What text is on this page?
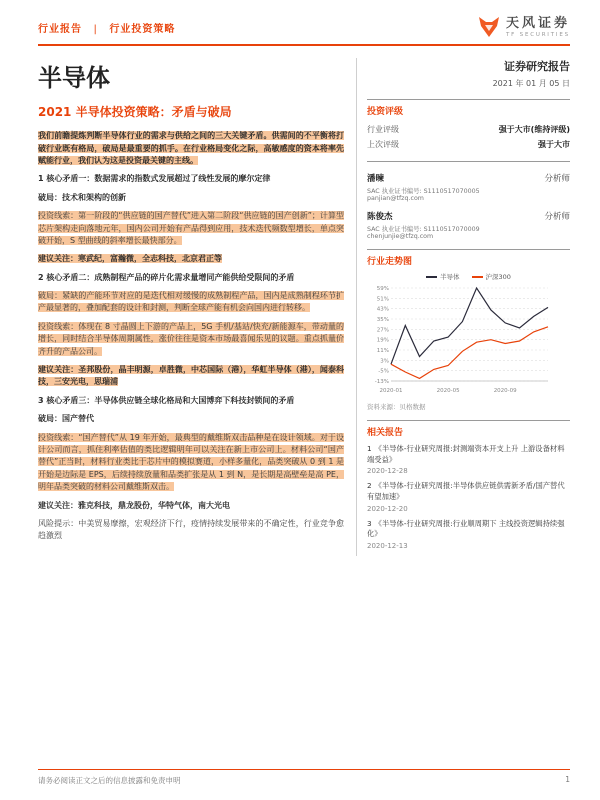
行业报告 | 行业投资策略	天风证券
TF SECURITIES
半导体
2021 半导体投资策略：矛盾与破局

我们前瞻提炼判断半导体行业的需求与供给之间的三大关键矛盾。供需间的不平衡将打破行业既有格局，破局是最重要的抓手。在行业格局变化之际，高敏感度的资本将率先赋能行业，我们认为这是投资最关键的主线。

1 核心矛盾一：数据需求的指数式发展超过了线性发展的摩尔定律

破局：技术和架构的创新

投资线索：第一阶段的“供应链的国产替代”进入第二阶段“供应链的国产创新”；计算型芯片架构走向落地元年，国内公司开始有产品得到应用，技术迭代频数型增长，单点突破开始，S 型曲线的斜率增长最快部分。

建议关注：寒武纪，富瀚微，全志科技，北京君正等

2 核心矛盾二：成熟制程产品的碎片化需求量增同产能供给受限间的矛盾

破局：紧缺的产能环节对应的是迭代相对缓慢的成熟制程产品，国内是成熟制程环节扩产最显著的，叠加配套的设计和封测，判断全球产能有机会向国内进行转移。

投资线索：体现在 8 寸晶圆上下游的产品上，5G 手机/基站/快充/新能源车，带动量的增长，同时结合半导体周期属性，涨价往往是资本市场最喜闻乐见的议题。重点抓量价齐升的产品公司。

建议关注：圣邦股份，晶丰明源，卓胜微，中芯国际（港），华虹半导体（港），闻泰科技，三安光电，思瑞浦

3 核心矛盾三：半导体供应链全球化格局和大国博弈下科技封锁间的矛盾

破局：国产替代

投资线索：“国产替代”从 19 年开始，最典型的戴维斯双击品种是在设计领域。对于设计公司而言，抓住利率估值的类比逻辑明年可以关注在新上市公司上。材料公司“国产替代”正当时，材料行业类比于芯片中的模拟赛道，小样多量化，品类突破从 0 到 1 是开始是边际是 EPS，后续持续放量和品类扩张是从 1 到 N，是长期是高壁垒是高 PE，明年品类突破的材料公司戴维斯双击。

建议关注：雅克科技，鼎龙股份，华特气体，南大光电

风险提示：中美贸易摩擦，宏观经济下行，疫情持续发展带来的不确定性，行业竞争愈趋激烈

证券研究报告
2021 年 01 月 05 日
投资评级
行业评级	强于大市(维持评级)
上次评级	强于大市
潘暕	分析师
SAC 执业证书编号: S1110517070005
panjian@tfzq.com
陈俊杰	分析师
SAC 执业证书编号: S1110517070009
chenjunjie@tfzq.com
行业走势图
半导体	沪深300
59%
51%
43%
35%
27%
19%
11%
3%
-5%
-13%
2020-01	2020-05	2020-09
资料来源：贝格数据
相关报告
1 《半导体-行业研究周报:封测端资本开支上升 上游设备材料端受益》
2020-12-28
2 《半导体-行业研究周报:半导体供应链供需新矛盾/国产替代有望加速》
2020-12-20
3 《半导体-行业研究周报:行业顺周期下 主线投资逻辑持续强化》
2020-12-13
请务必阅读正文之后的信息披露和免责申明	1
